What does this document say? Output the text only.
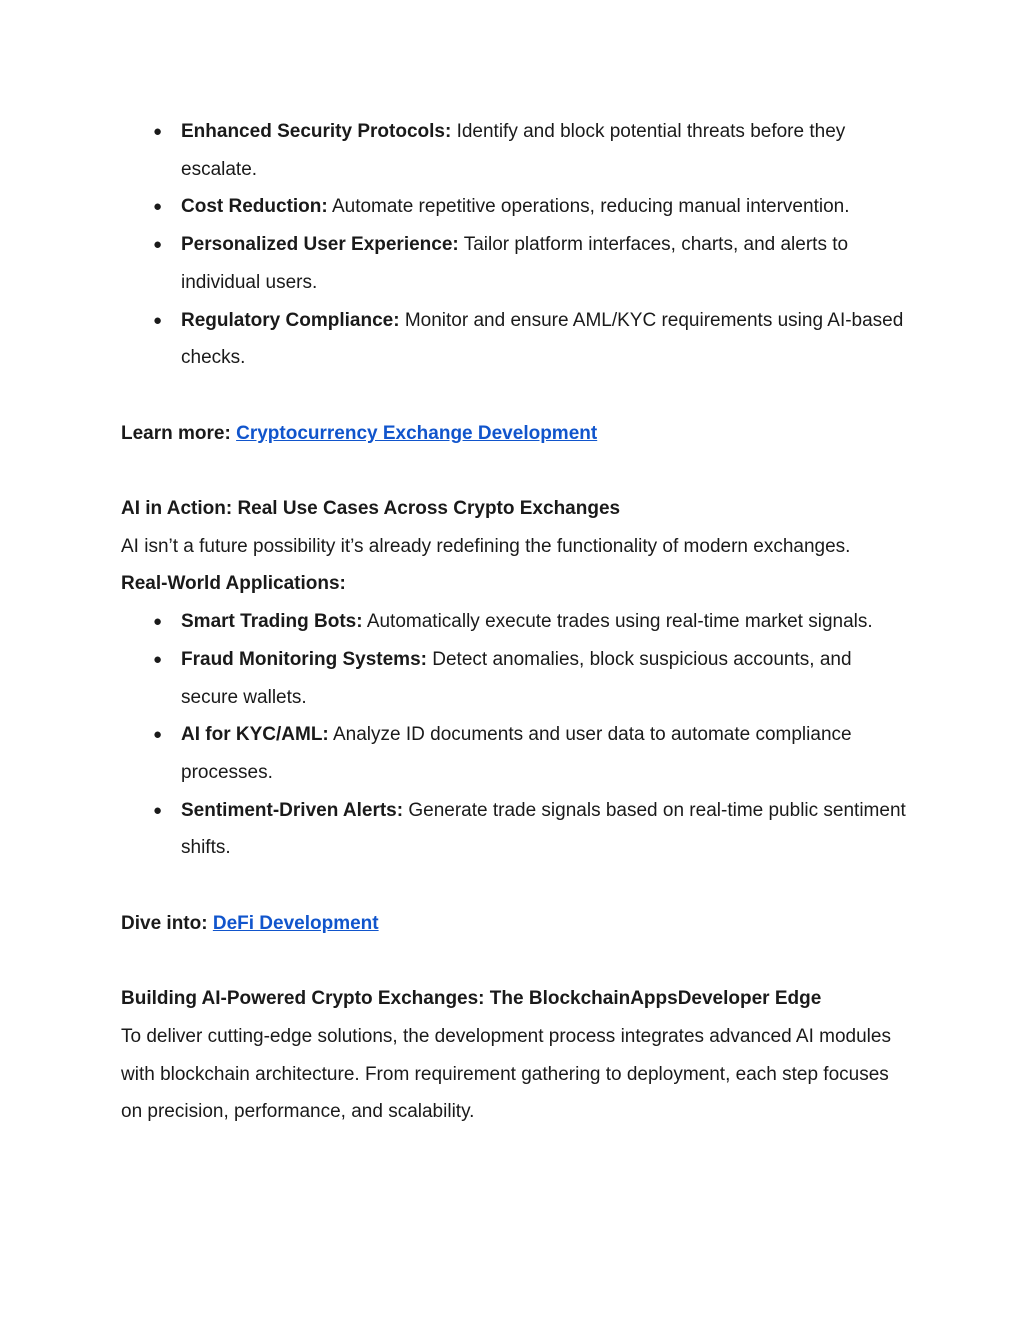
● Enhanced Security Protocols: Identify and block potential threats before they escalate.
● Cost Reduction: Automate repetitive operations, reducing manual intervention.
● Personalized User Experience: Tailor platform interfaces, charts, and alerts to individual users.
● Regulatory Compliance: Monitor and ensure AML/KYC requirements using AI-based checks.

Learn more: Cryptocurrency Exchange Development

AI in Action: Real Use Cases Across Crypto Exchanges

AI isn’t a future possibility it’s already redefining the functionality of modern exchanges.

Real-World Applications:

● Smart Trading Bots: Automatically execute trades using real-time market signals.
● Fraud Monitoring Systems: Detect anomalies, block suspicious accounts, and secure wallets.
● AI for KYC/AML: Analyze ID documents and user data to automate compliance processes.
● Sentiment-Driven Alerts: Generate trade signals based on real-time public sentiment shifts.

Dive into: DeFi Development

Building AI-Powered Crypto Exchanges: The BlockchainAppsDeveloper Edge

To deliver cutting-edge solutions, the development process integrates advanced AI modules with blockchain architecture. From requirement gathering to deployment, each step focuses on precision, performance, and scalability.
